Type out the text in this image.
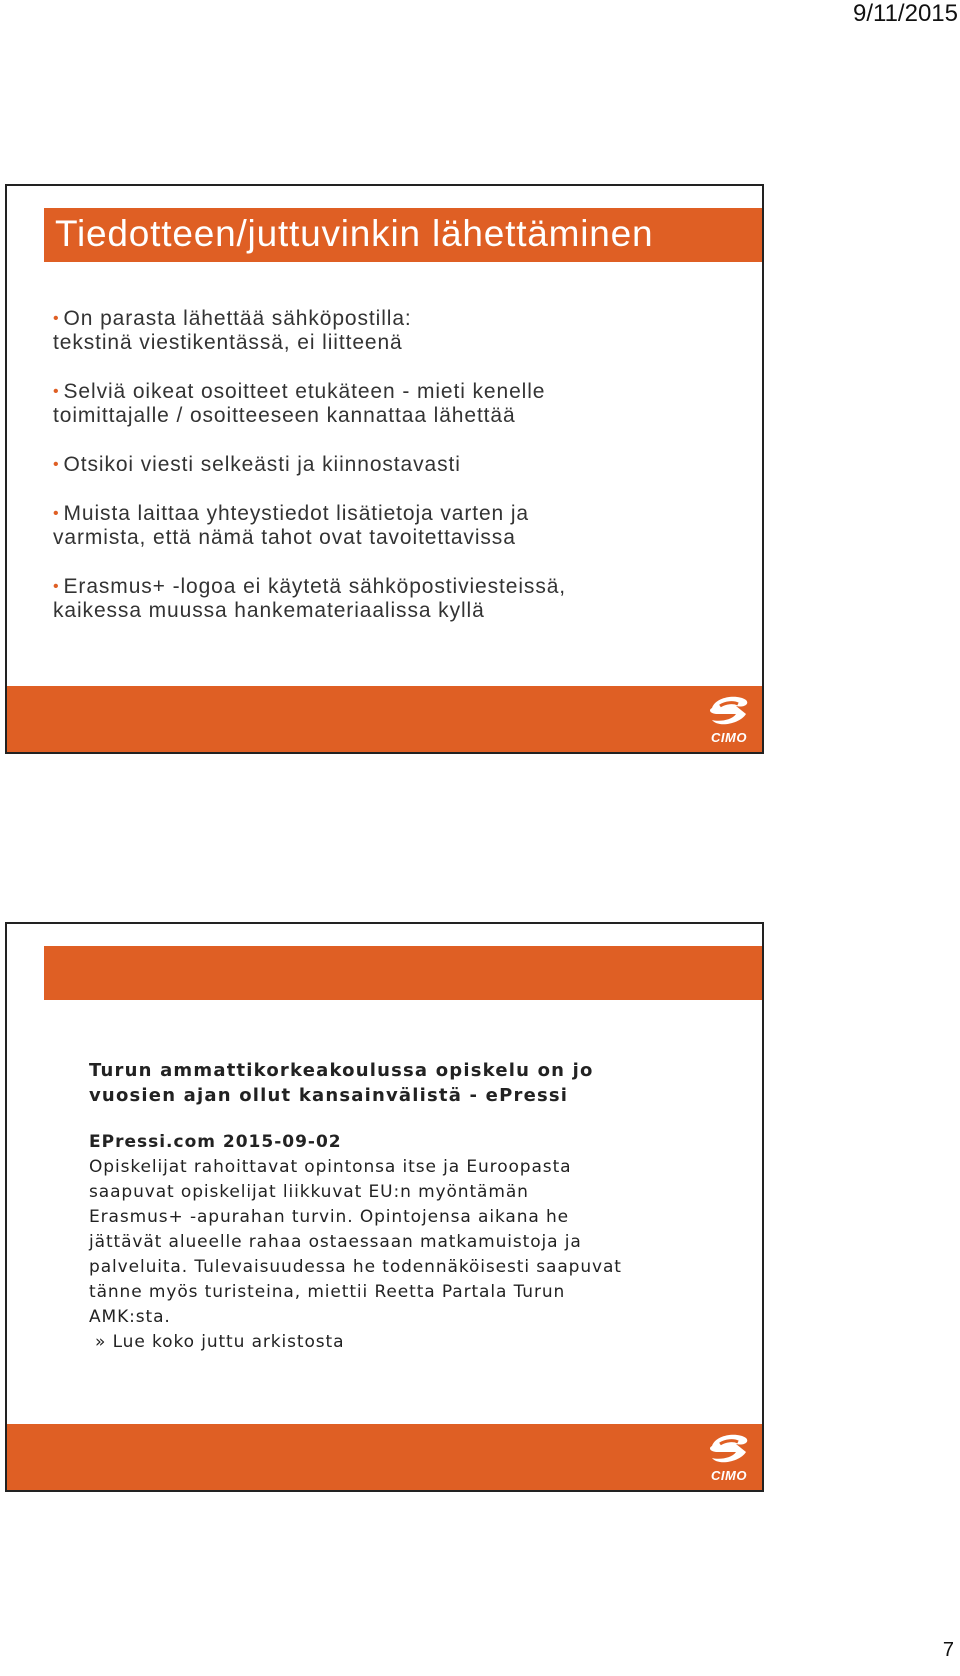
9/11/2015
Tiedotteen/juttuvinkin lähettäminen
• On parasta lähettää sähköpostilla:
tekstinä viestikentässä, ei liitteenä
• Selviä oikeat osoitteet etukäteen - mieti kenelle
toimittajalle / osoitteeseen kannattaa lähettää
• Otsikoi viesti selkeästi ja kiinnostavasti
• Muista laittaa yhteystiedot lisätietoja varten ja
varmista, että nämä tahot ovat tavoitettavissa
• Erasmus+ -logoa ei käytetä sähköpostiviesteissä,
kaikessa muussa hankemateriaalissa kyllä
CIMO
Turun ammattikorkeakoulussa opiskelu on jo
vuosien ajan ollut kansainvälistä - ePressi
EPressi.com 2015-09-02
Opiskelijat rahoittavat opintonsa itse ja Euroopasta
saapuvat opiskelijat liikkuvat EU:n myöntämän
Erasmus+ -apurahan turvin. Opintojensa aikana he
jättävät alueelle rahaa ostaessaan matkamuistoja ja
palveluita. Tulevaisuudessa he todennäköisesti saapuvat
tänne myös turisteina, miettii Reetta Partala Turun
AMK:sta.
» Lue koko juttu arkistosta
CIMO
7
